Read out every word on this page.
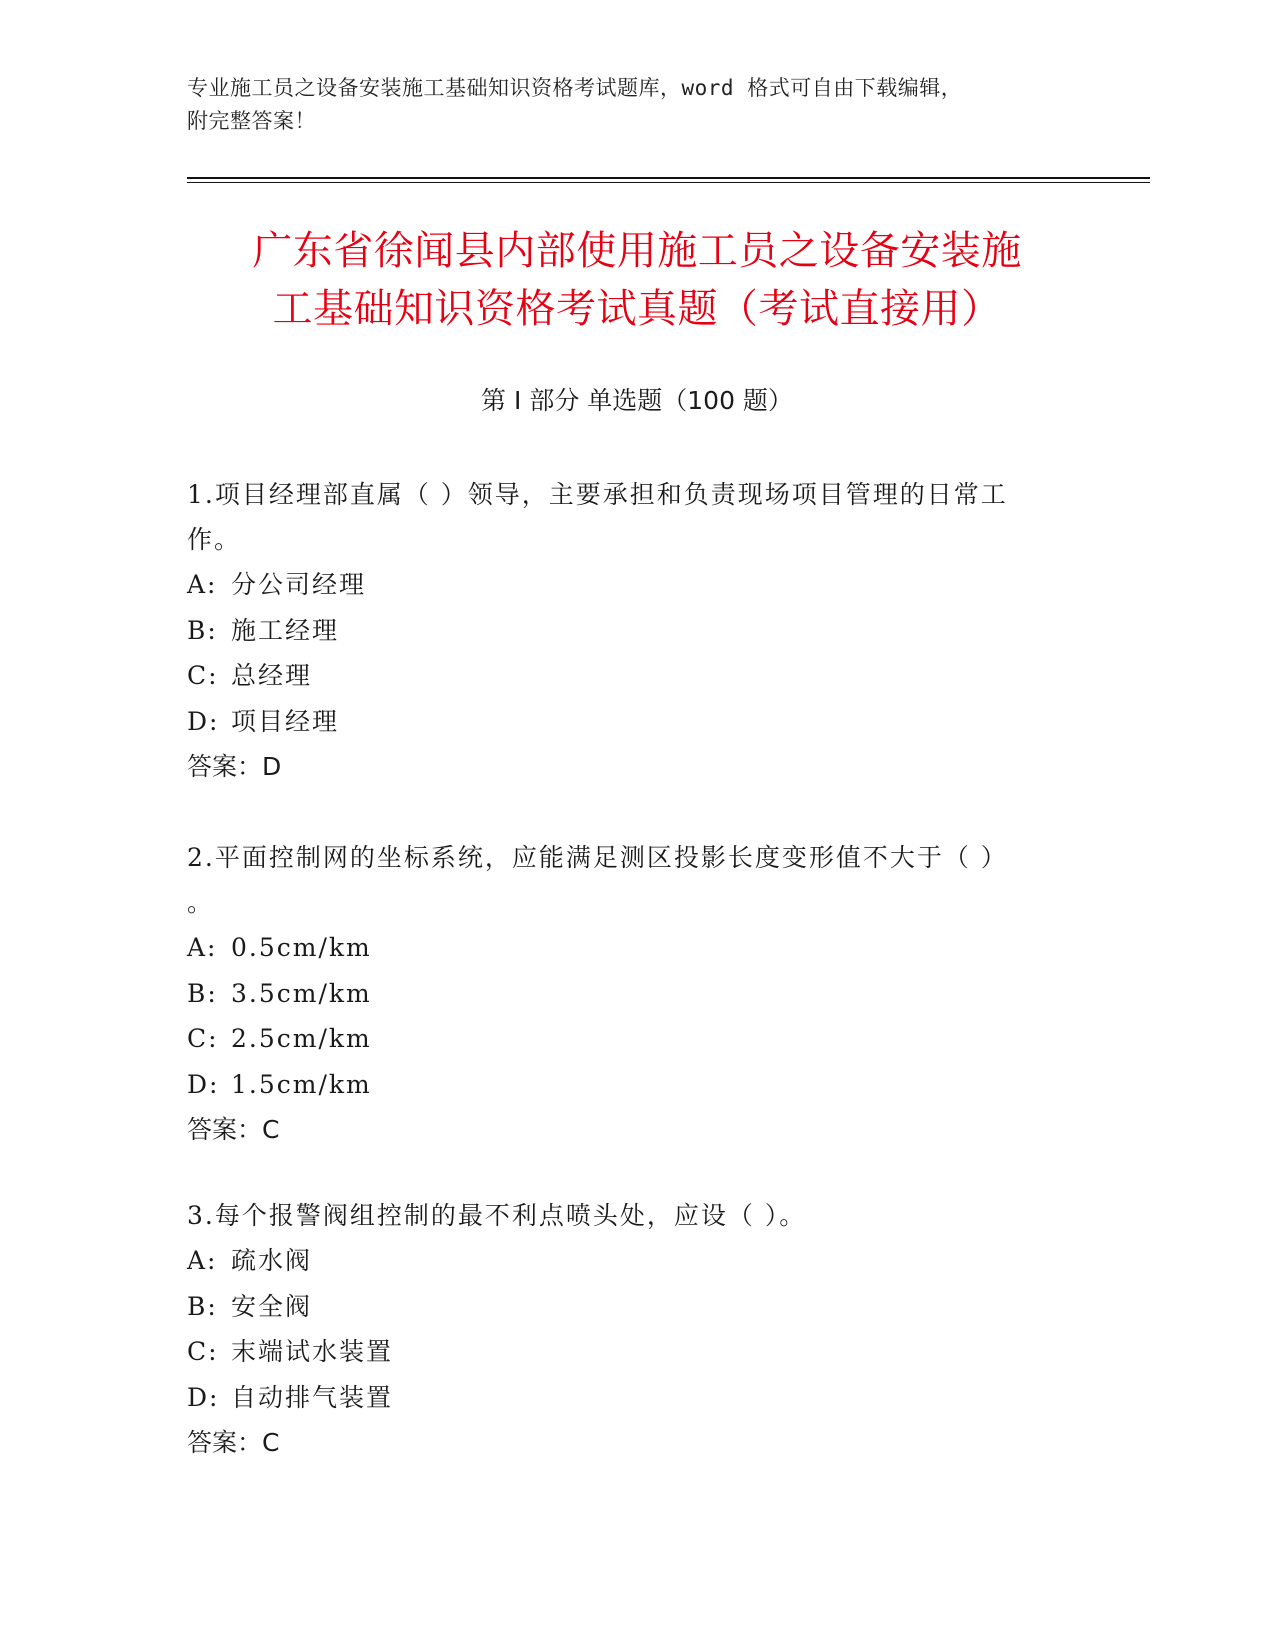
专业施工员之设备安装施工基础知识资格考试题库，word 格式可自由下载编辑，
附完整答案！
广东省徐闻县内部使用施工员之设备安装施
工基础知识资格考试真题（考试直接用）
第 I 部分 单选题（100 题）
1.项目经理部直属（ ）领导，主要承担和负责现场项目管理的日常工
作。
A: 分公司经理
B: 施工经理
C: 总经理
D: 项目经理
答案：D
2.平面控制网的坐标系统，应能满足测区投影长度变形值不大于（ ）
。
A: 0.5cm/km
B: 3.5cm/km
C: 2.5cm/km
D: 1.5cm/km
答案：C
3.每个报警阀组控制的最不利点喷头处，应设（ ）。
A: 疏水阀
B: 安全阀
C: 末端试水装置
D: 自动排气装置
答案：C
